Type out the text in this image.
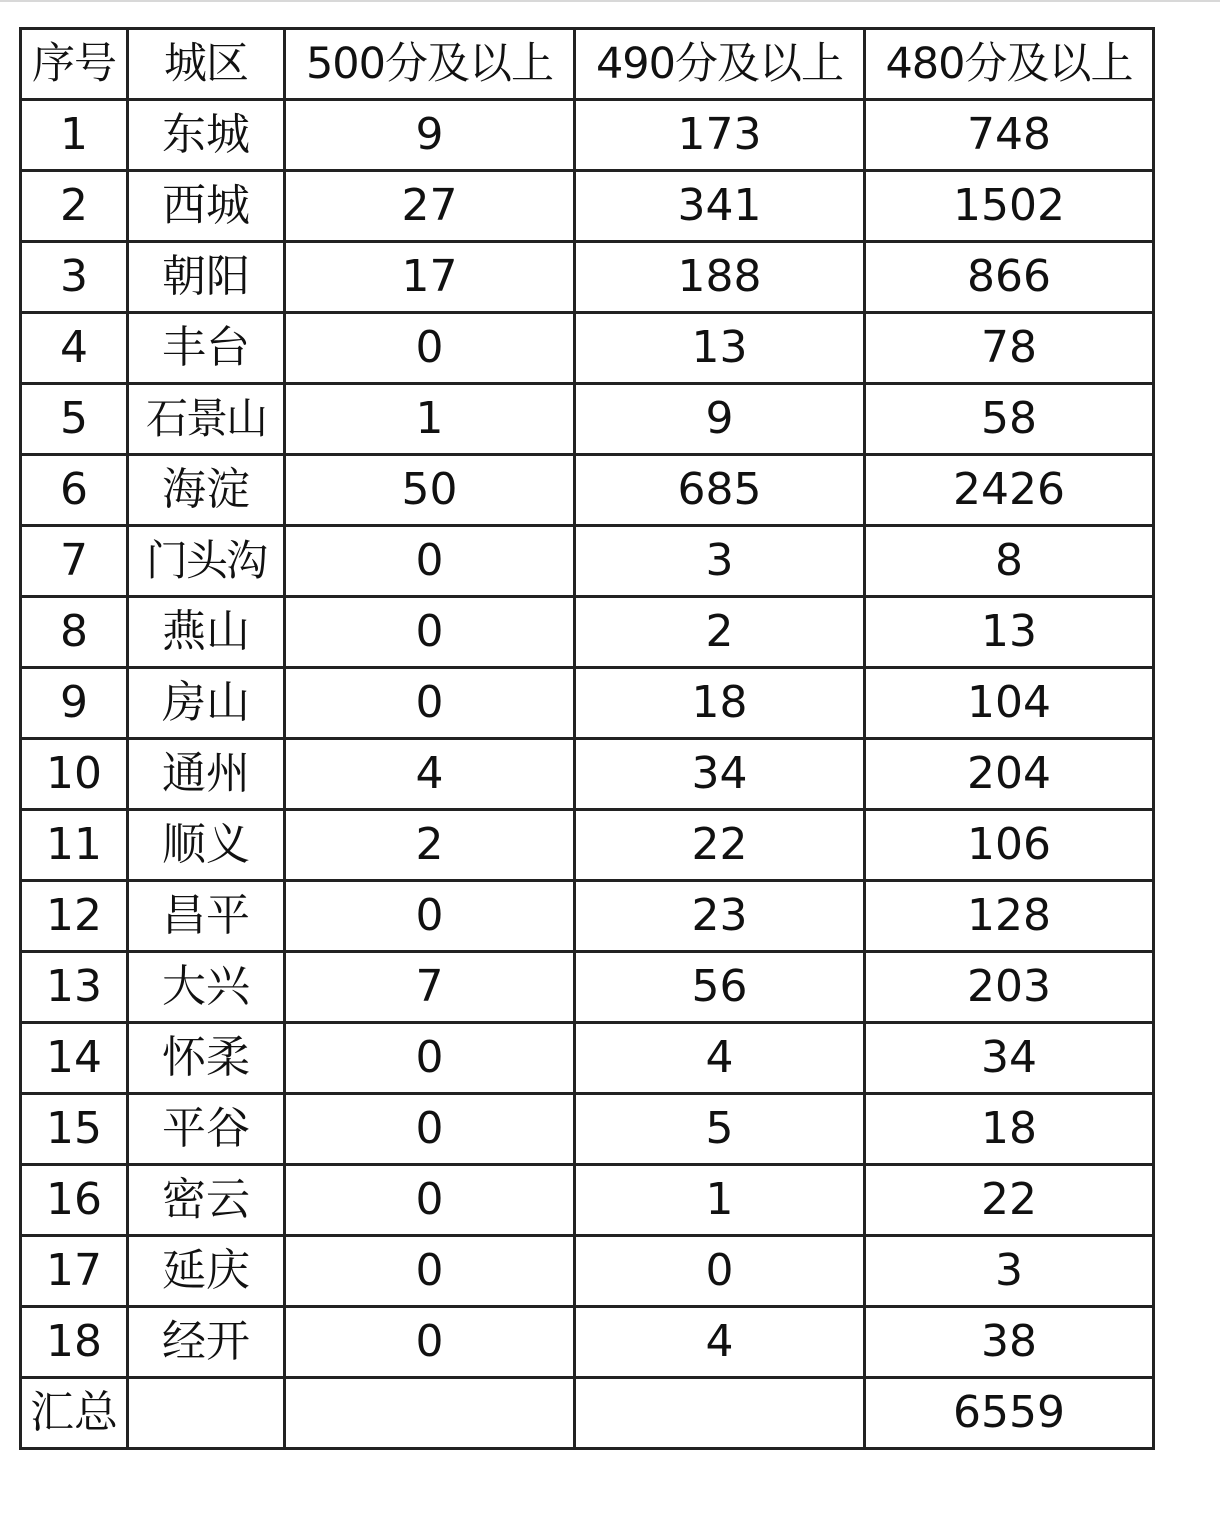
序号	城区	500分及以上	490分及以上	480分及以上
1	东城	9	173	748
2	西城	27	341	1502
3	朝阳	17	188	866
4	丰台	0	13	78
5	石景山	1	9	58
6	海淀	50	685	2426
7	门头沟	0	3	8
8	燕山	0	2	13
9	房山	0	18	104
10	通州	4	34	204
11	顺义	2	22	106
12	昌平	0	23	128
13	大兴	7	56	203
14	怀柔	0	4	34
15	平谷	0	5	18
16	密云	0	1	22
17	延庆	0	0	3
18	经开	0	4	38
汇总				6559
